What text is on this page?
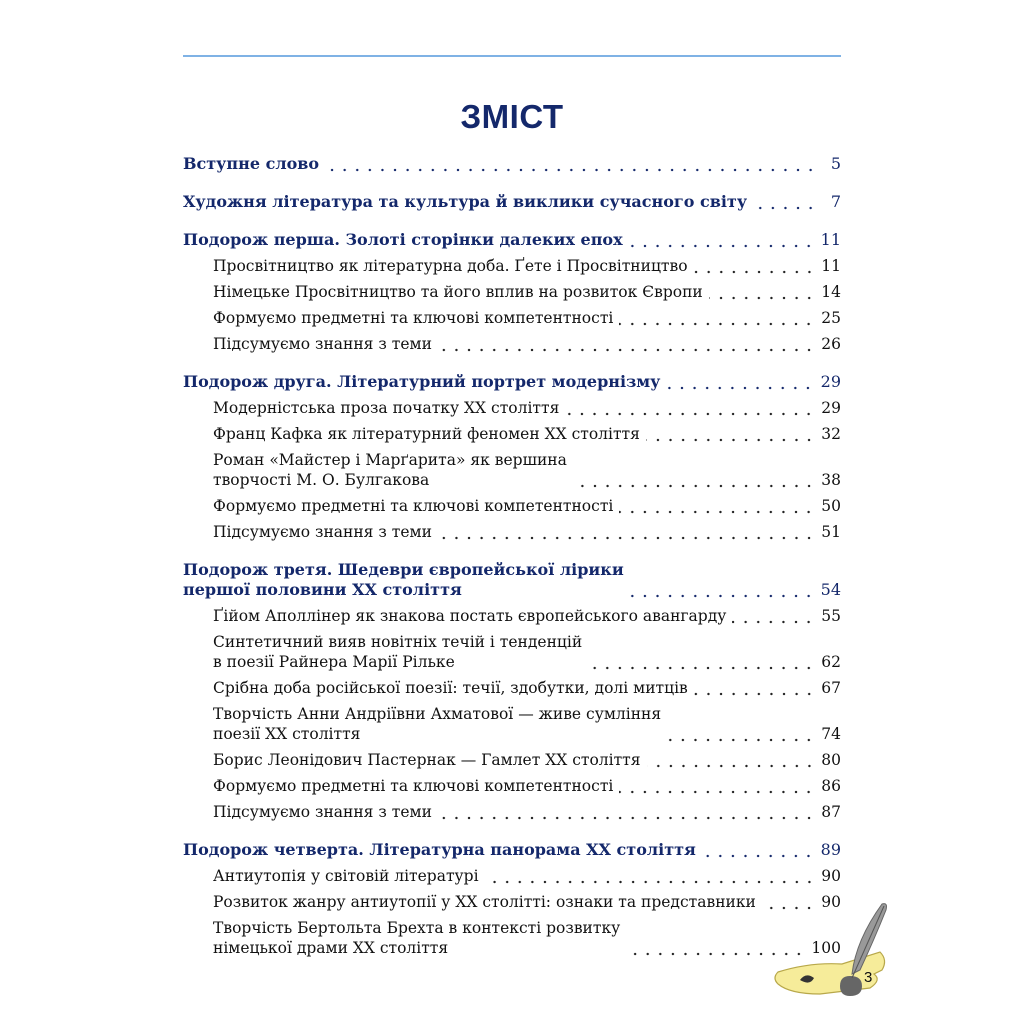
ЗМІСТ
Вступне слово	5
Художня література та культура й виклики сучасного світу	7
Подорож перша. Золоті сторінки далеких епох	11
Просвітництво як літературна доба. Ґете і Просвітництво	11
Німецьке Просвітництво та його вплив на розвиток Європи	14
Формуємо предметні та ключові компетентності	25
Підсумуємо знання з теми	26
Подорож друга. Літературний портрет модернізму	29
Модерністська проза початку XX століття	29
Франц Кафка як літературний феномен XX століття	32
Роман «Майстер і Марґарита» як вершина
творчості М. О. Булгакова	38
Формуємо предметні та ключові компетентності	50
Підсумуємо знання з теми	51
Подорож третя. Шедеври європейської лірики
першої половини XX століття	54
Ґійом Аполлінер як знакова постать європейського авангарду	55
Синтетичний вияв новітніх течій і тенденцій
в поезії Райнера Марії Рільке	62
Срібна доба російської поезії: течії, здобутки, долі митців	67
Творчість Анни Андріївни Ахматової — живе сумління
поезії XX століття	74
Борис Леонідович Пастернак — Гамлет XX століття	80
Формуємо предметні та ключові компетентності	86
Підсумуємо знання з теми	87
Подорож четверта. Літературна панорама XX століття	89
Антиутопія у світовій літературі	90
Розвиток жанру антиутопії у XX столітті: ознаки та представники	90
Творчість Бертольта Брехта в контексті розвитку
німецької драми XX століття	100
3
